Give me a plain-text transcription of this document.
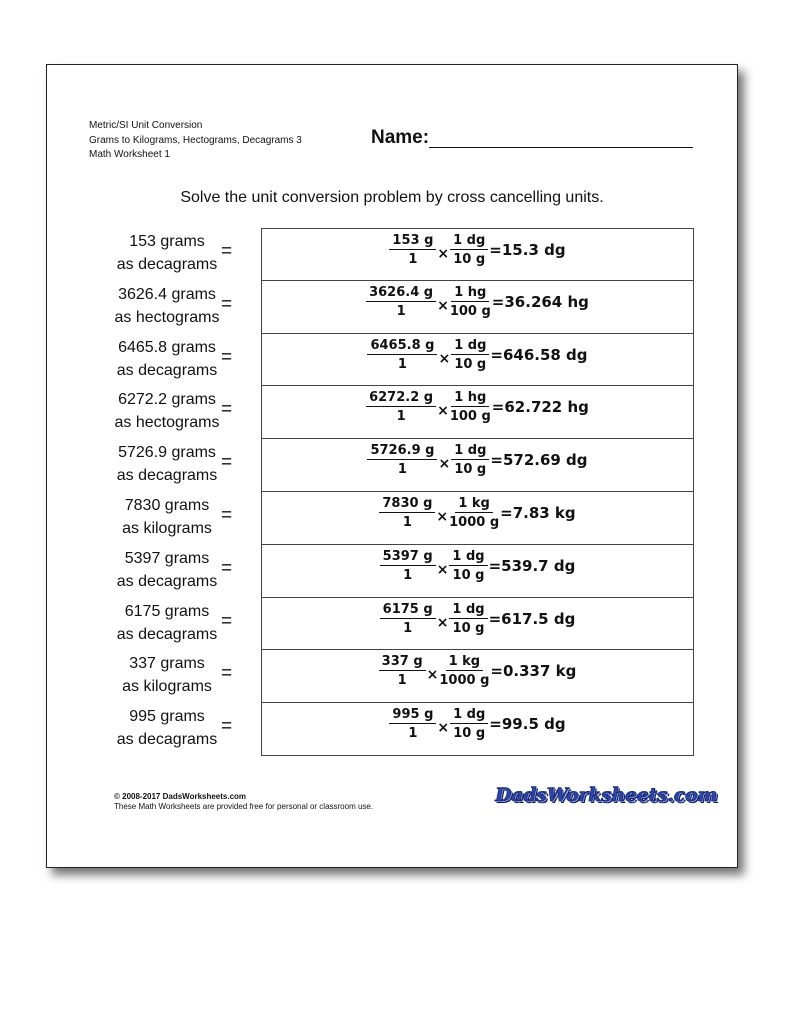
Metric/SI Unit Conversion
Grams to Kilograms, Hectograms, Decagrams 3
Math Worksheet 1
Name:
Solve the unit conversion problem by cross cancelling units.
153 grams
as decagrams
=	$\frac{153 g}{1} \times \frac{1 dg}{10 g} =15.3$ dg
3626.4 grams
as hectograms
=	$\frac{3626.4 g}{1} \times \frac{1 hg}{100 g} =36.264$ hg
6465.8 grams
as decagrams
=	$\frac{6465.8 g}{1} \times \frac{1 dg}{10 g} =646.58$ dg
6272.2 grams
as hectograms
=	$\frac{6272.2 g}{1} \times \frac{1 hg}{100 g} =62.722$ hg
5726.9 grams
as decagrams
=	$\frac{5726.9 g}{1} \times \frac{1 dg}{10 g} =572.69$ dg
7830 grams
as kilograms
=	$\frac{7830 g}{1} \times \frac{1 kg}{1000 g} =7.83$ kg
5397 grams
as decagrams
=	$\frac{5397 g}{1} \times \frac{1 dg}{10 g} =539.7$ dg
6175 grams
as decagrams
=	$\frac{6175 g}{1} \times \frac{1 dg}{10 g} =617.5$ dg
337 grams
as kilograms
=	$\frac{337 g}{1} \times \frac{1 kg}{1000 g} =0.337$ kg
995 grams
as decagrams
=	$\frac{995 g}{1} \times \frac{1 dg}{10 g} =99.5$ dg
© 2008-2017 DadsWorksheets.com
These Math Worksheets are provided free for personal or classroom use.
DadsWorksheets.com
